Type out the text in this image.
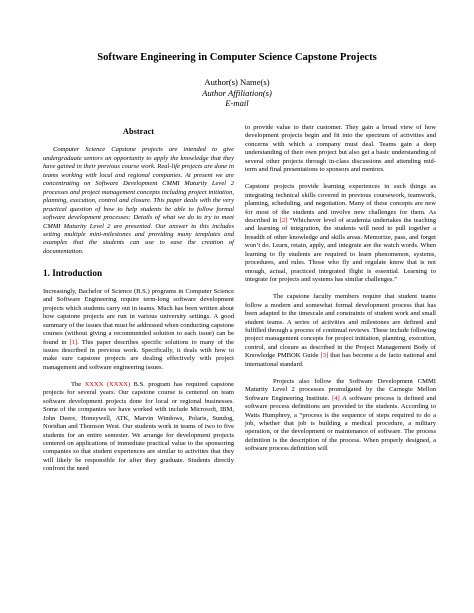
Software Engineering in Computer Science Capstone Projects
Author(s) Name(s)
Author Affiliation(s)
E-mail
Abstract

Computer Science Capstone projects are intended to give undergraduate seniors an opportunity to apply the knowledge that they have gained in their previous course work. Real-life projects are done in teams working with local and regional companies. At present we are concentrating on Software Development CMMI Maturity Level 2 processes and project management concepts including project initiation, planning, execution, control and closure. This paper deals with the very practical question of how to help students be able to follow formal software development processes: Details of what we do to try to meet CMMI Maturity Level 2 are presented. Our answer to this includes setting multiple mini-milestones and providing many templates and examples that the students can use to ease the creation of documentation.

1. Introduction

Increasingly, Bachelor of Science (B.S.) programs in Computer Science and Software Engineering require term-long software development projects which students carry out in teams. Much has been written about how capstone projects are run in various university settings. A good summary of the issues that must be addressed when conducting capstone courses (without giving a recommended solution to each issue) can be found in [1]. This paper describes specific solutions to many of the issues described in previous work. Specifically, it deals with how to make sure capstone projects are dealing effectively with project management and software engineering issues.

The XXXX (XXXX) B.S. program has required capstone projects for several years. Our capstone course is centered on team software development projects done for local or regional businesses. Some of the companies we have worked with include Microsoft, IBM, John Deere, Honeywell, ATK, Marvin Windows, Polaris, Sundog, Noridian and Thomson West. Our students work in teams of two to five students for an entire semester. We arrange for development projects centered on applications of immediate practical value to the sponsoring companies so that student experiences are similar to activities that they will likely be responsible for after they graduate. Students directly confront the need

to provide value to their customer. They gain a broad view of how development projects begin and fit into the spectrum of activities and concerns with which a company must deal. Teams gain a deep understanding of their own project but also get a basic understanding of several other projects through in-class discussions and attending mid-term and final presentations to sponsors and mentors.

Capstone projects provide learning experiences in such things as integrating technical skills covered in previous coursework, teamwork, planning, scheduling, and negotiation. Many of these concepts are new for most of the students and involve new challenges for them. As described in [2] “Whichever level of academia undertakes the teaching and learning of integration, the students will need to pull together a breadth of other knowledge and skills areas. Memorize, pass, and forget won’t do. Learn, retain, apply, and integrate are the watch words. When learning to fly students are required to learn phenomenon, systems, procedures, and rules. Those who fly and regulate know that is not enough, actual, practiced integrated flight is essential. Learning to integrate for projects and systems has similar challenges.”

The capstone faculty members require that student teams follow a modern and somewhat formal development process that has been adapted to the timescale and constraints of student work and small student teams. A series of activities and milestones are defined and fulfilled through a process of continual reviews. These include following project management concepts for project initiation, planning, execution, control, and closure as described in the Project Management Body of Knowledge PMBOK Guide [3] that has become a de facto national and international standard.

Projects also follow the Software Development CMMI Maturity Level 2 processes promulgated by the Carnegie Mellon Software Engineering Institute. [4] A software process is defined and software process definitions are provided to the students. According to Watts Humphrey, a “process is the sequence of steps required to do a job, whether that job is building a medical procedure, a military operation, or the development or maintenance of software. The process definition is the description of the process. When properly designed, a software process definition will
